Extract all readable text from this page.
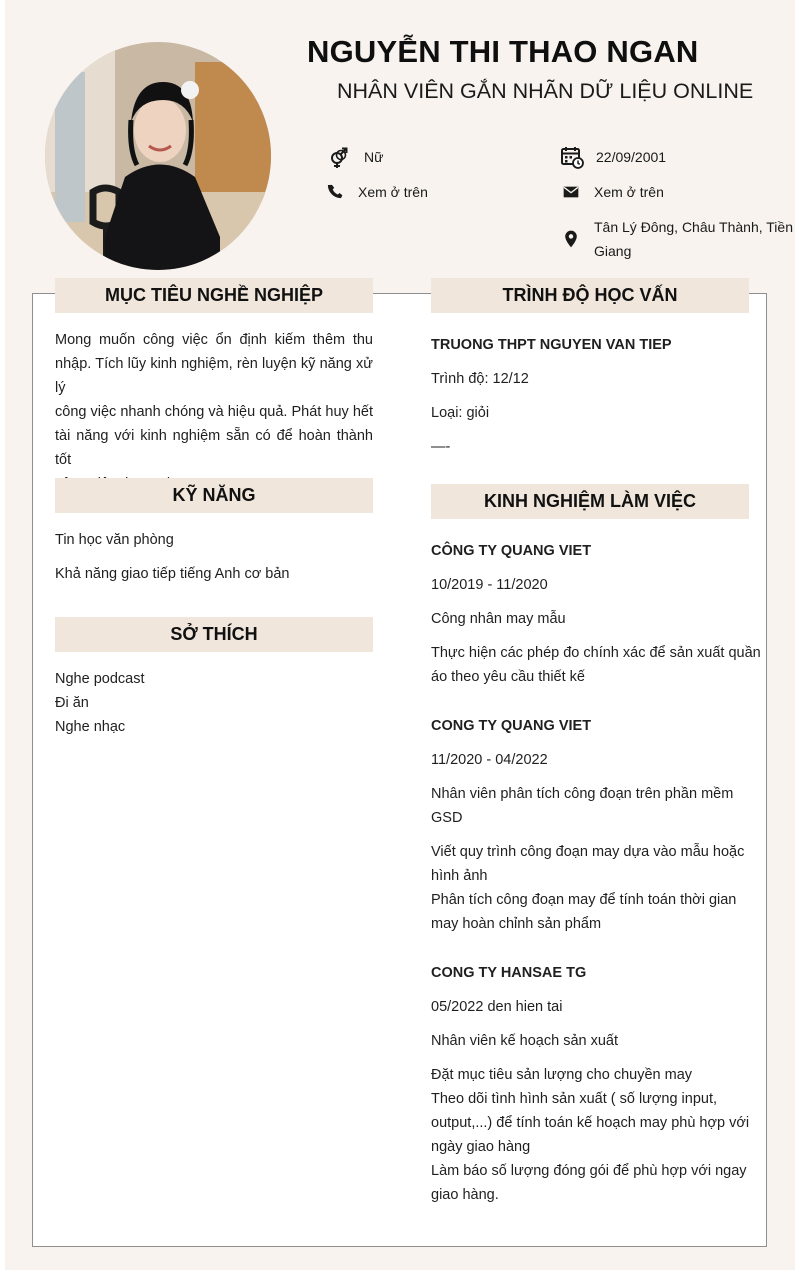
NGUYỄN THI THAO NGAN
NHÂN VIÊN GẮN NHÃN DỮ LIỆU ONLINE
Nữ	22/09/2001
Xem ở trên	Xem ở trên
Tân Lý Đông, Châu Thành, Tiền
Giang
MỤC TIÊU NGHỀ NGHIỆP
Mong muốn công việc ổn định kiếm thêm thu
nhập. Tích lũy kinh nghiệm, rèn luyện kỹ năng xử lý
công việc nhanh chóng và hiệu quả. Phát huy hết
tài năng với kinh nghiệm sẵn có để hoàn thành tốt
KỸ NĂNG
Tin học văn phòng
Khả năng giao tiếp tiếng Anh cơ bản
SỞ THÍCH
Nghe podcast
Đi ăn
Nghe nhạc
TRÌNH ĐỘ HỌC VẤN
TRUONG THPT NGUYEN VAN TIEP
Trình độ: 12/12
Loại: giỏi
—-
KINH NGHIỆM LÀM VIỆC
CÔNG TY QUANG VIET
10/2019 - 11/2020
Công nhân may mẫu
Thực hiện các phép đo chính xác để sản xuất quần
áo theo yêu cầu thiết kế
CONG TY QUANG VIET
11/2020 - 04/2022
Nhân viên phân tích công đoạn trên phần mềm
GSD
Viết quy trình công đoạn may dựa vào mẫu hoặc
hình ảnh
Phân tích công đoạn may để tính toán thời gian
may hoàn chỉnh sản phẩm
CONG TY HANSAE TG
05/2022 den hien tai
Nhân viên kế hoạch sản xuất
Đặt mục tiêu sản lượng cho chuyền may
Theo dõi tình hình sản xuất ( số lượng input,
output,...) để tính toán kế hoạch may phù hợp với
ngày giao hàng
Làm báo số lượng đóng gói để phù hợp với ngay
giao hàng.
